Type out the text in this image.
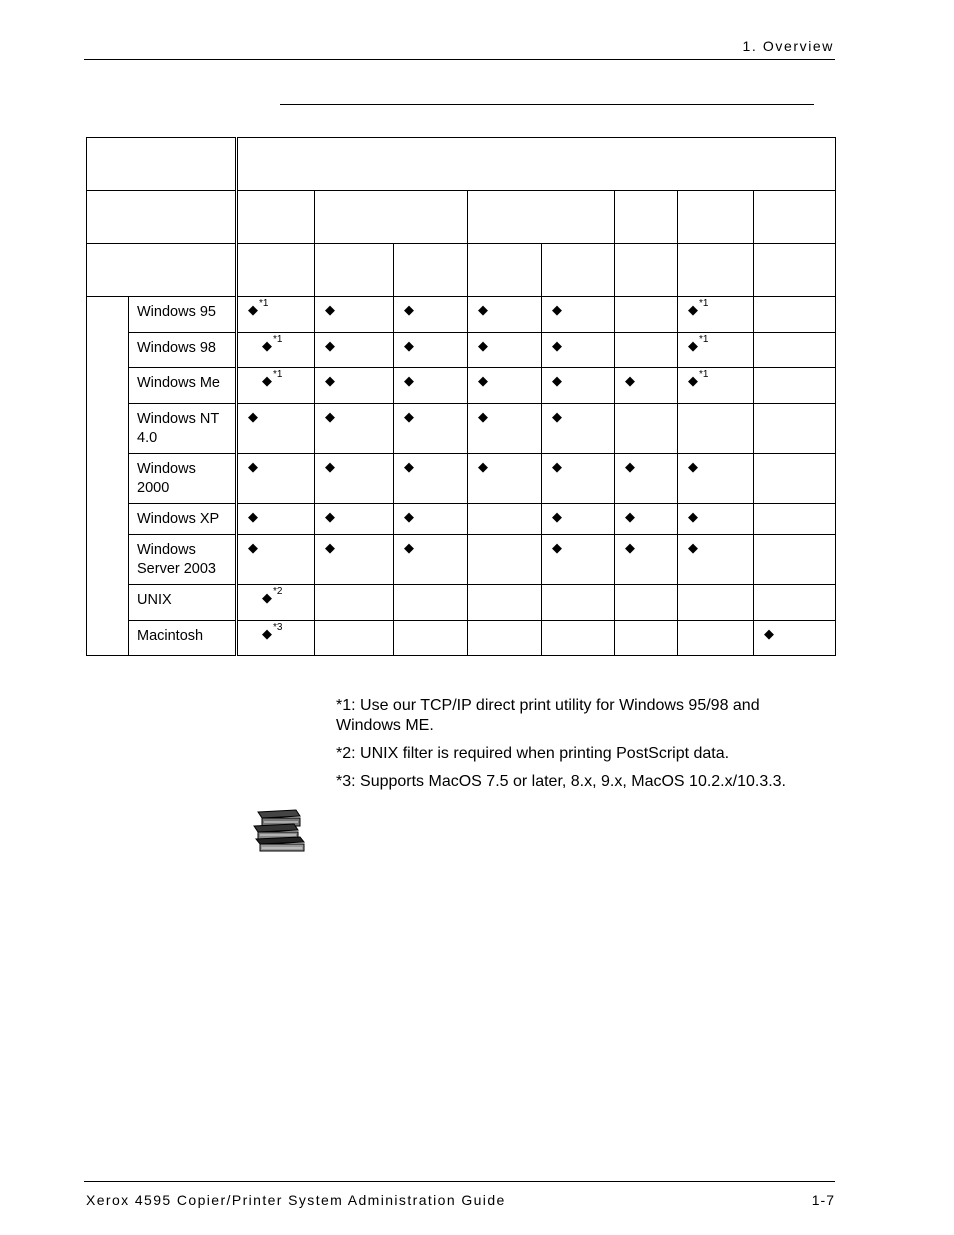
1. Overview

	Windows 95	◆$^{*1}$	◆	◆	◆	◆		◆$^{*1}$	
	Windows 98	◆$^{*1}$	◆	◆	◆	◆		◆$^{*1}$	
	Windows Me	◆$^{*1}$	◆	◆	◆	◆	◆	◆$^{*1}$	
	Windows NT 4.0	◆	◆	◆	◆	◆			
	Windows 2000	◆	◆	◆	◆	◆	◆	◆	
	Windows XP	◆	◆	◆		◆	◆	◆	
	Windows Server 2003	◆	◆	◆		◆	◆	◆	
	UNIX	◆$^{*2}$							
	Macintosh	◆$^{*3}$							◆

*1: Use our TCP/IP direct print utility for Windows 95/98 and Windows ME.

*2: UNIX filter is required when printing PostScript data.

*3: Supports MacOS 7.5 or later, 8.x, 9.x, MacOS 10.2.x/10.3.3.

Xerox 4595 Copier/Printer System Administration Guide	1-7
